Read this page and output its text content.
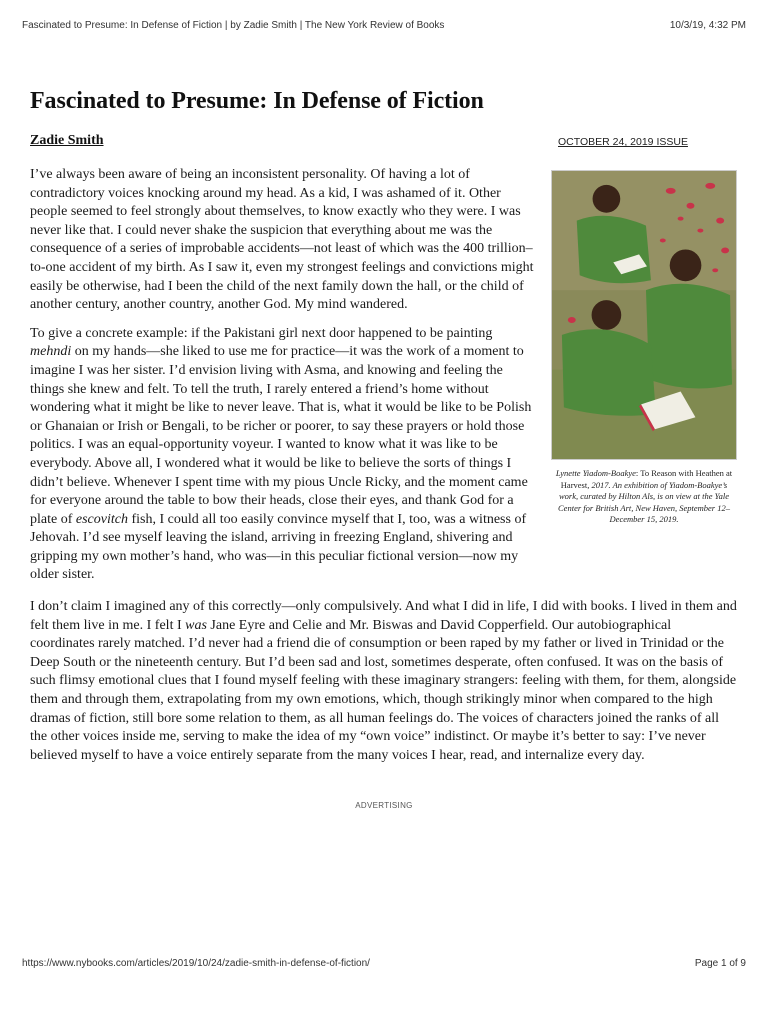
Fascinated to Presume: In Defense of Fiction | by Zadie Smith | The New York Review of Books	10/3/19, 4:32 PM
Fascinated to Presume: In Defense of Fiction
Zadie Smith	OCTOBER 24, 2019 ISSUE

I’ve always been aware of being an inconsistent personality. Of having a lot of contradictory voices knocking around my head. As a kid, I was ashamed of it. Other people seemed to feel strongly about themselves, to know exactly who they were. I was never like that. I could never shake the suspicion that everything about me was the consequence of a series of improbable accidents—not least of which was the 400 trillion–to-one accident of my birth. As I saw it, even my strongest feelings and convictions might easily be otherwise, had I been the child of the next family down the hall, or the child of another century, another country, another God. My mind wandered.

To give a concrete example: if the Pakistani girl next door happened to be painting mehndi on my hands—she liked to use me for practice—it was the work of a moment to imagine I was her sister. I’d envision living with Asma, and knowing and feeling the things she knew and felt. To tell the truth, I rarely entered a friend’s home without wondering what it might be like to never leave. That is, what it would be like to be Polish or Ghanaian or Irish or Bengali, to be richer or poorer, to say these prayers or hold those politics. I was an equal-opportunity voyeur. I wanted to know what it was like to be everybody. Above all, I wondered what it would be like to believe the sorts of things I didn’t believe. Whenever I spent time with my pious Uncle Ricky, and the moment came for everyone around the table to bow their heads, close their eyes, and thank God for a plate of escovitch fish, I could all too easily convince myself that I, too, was a witness of Jehovah. I’d see myself leaving the island, arriving in freezing England, shivering and gripping my own mother’s hand, who was—in this peculiar fictional version—now my older sister.

Lynette Yiadom-Boakye: To Reason with Heathen at Harvest, 2017. An exhibition of Yiadom-Boakye’s work, curated by Hilton Als, is on view at the Yale Center for British Art, New Haven, September 12–December 15, 2019.

I don’t claim I imagined any of this correctly—only compulsively. And what I did in life, I did with books. I lived in them and felt them live in me. I felt I was Jane Eyre and Celie and Mr. Biswas and David Copperfield. Our autobiographical coordinates rarely matched. I’d never had a friend die of consumption or been raped by my father or lived in Trinidad or the Deep South or the nineteenth century. But I’d been sad and lost, sometimes desperate, often confused. It was on the basis of such flimsy emotional clues that I found myself feeling with these imaginary strangers: feeling with them, for them, alongside them and through them, extrapolating from my own emotions, which, though strikingly minor when compared to the high dramas of fiction, still bore some relation to them, as all human feelings do. The voices of characters joined the ranks of all the other voices inside me, serving to make the idea of my “own voice” indistinct. Or maybe it’s better to say: I’ve never believed myself to have a voice entirely separate from the many voices I hear, read, and internalize every day.

ADVERTISING
https://www.nybooks.com/articles/2019/10/24/zadie-smith-in-defense-of-fiction/	Page 1 of 9
